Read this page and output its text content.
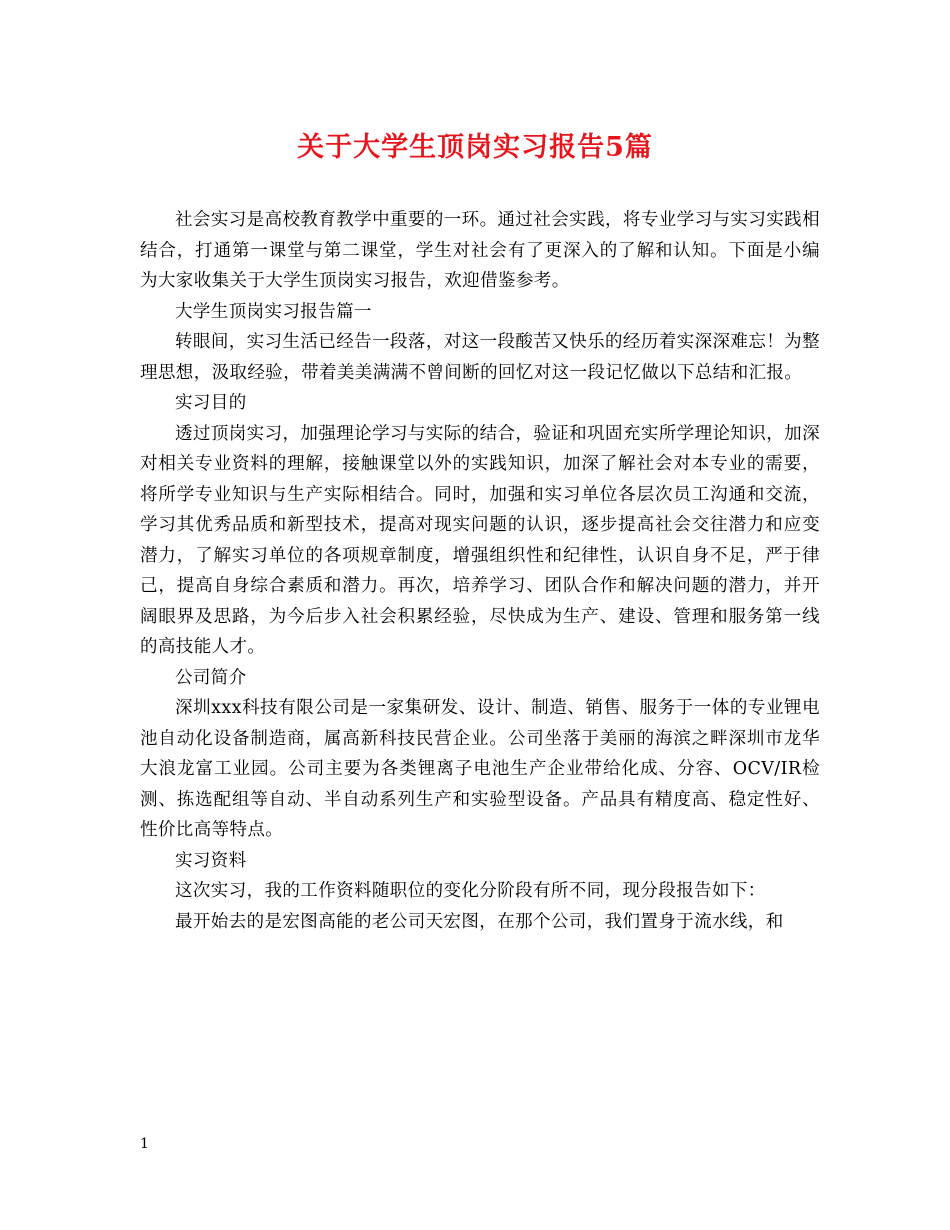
关于大学生顶岗实习报告5篇

社会实习是高校教育教学中重要的一环。通过社会实践，将专业学习与实习实践相结合，打通第一课堂与第二课堂，学生对社会有了更深入的了解和认知。下面是小编为大家收集关于大学生顶岗实习报告，欢迎借鉴参考。

大学生顶岗实习报告篇一

转眼间，实习生活已经告一段落，对这一段酸苦又快乐的经历着实深深难忘！为整理思想，汲取经验，带着美美满满不曾间断的回忆对这一段记忆做以下总结和汇报。

实习目的

透过顶岗实习，加强理论学习与实际的结合，验证和巩固充实所学理论知识，加深对相关专业资料的理解，接触课堂以外的实践知识，加深了解社会对本专业的需要，将所学专业知识与生产实际相结合。同时，加强和实习单位各层次员工沟通和交流，学习其优秀品质和新型技术，提高对现实问题的认识，逐步提高社会交往潜力和应变潜力，了解实习单位的各项规章制度，增强组织性和纪律性，认识自身不足，严于律己，提高自身综合素质和潜力。再次，培养学习、团队合作和解决问题的潜力，并开阔眼界及思路，为今后步入社会积累经验，尽快成为生产、建设、管理和服务第一线的高技能人才。

公司简介

深圳xxx科技有限公司是一家集研发、设计、制造、销售、服务于一体的专业锂电池自动化设备制造商，属高新科技民营企业。公司坐落于美丽的海滨之畔深圳市龙华大浪龙富工业园。公司主要为各类锂离子电池生产企业带给化成、分容、OCV/IR检测、拣选配组等自动、半自动系列生产和实验型设备。产品具有精度高、稳定性好、性价比高等特点。

实习资料

这次实习，我的工作资料随职位的变化分阶段有所不同，现分段报告如下：

最开始去的是宏图高能的老公司天宏图，在那个公司，我们置身于流水线，和

1
